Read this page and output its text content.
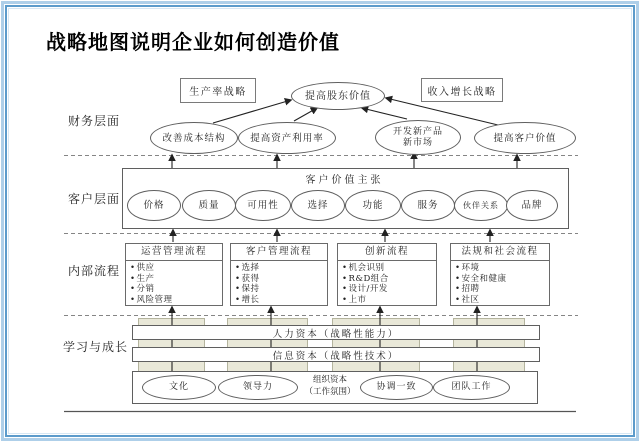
战略地图说明企业如何创造价值
财务层面
客户层面
内部流程
学习与成长
生产率战略	收入增长战略
提高股东价值
改善成本结构	提高资产利用率
开发新产品
新市场	提高客户价值
客户价值主张
价格	质量	可用性	选择	功能	服务	伙伴关系	品牌
运营管理流程
• 供应
• 生产
• 分销
• 风险管理
客户管理流程
• 选择
• 获得
• 保持
• 增长
创新流程
• 机会识别
• R&D组合
• 设计/开发
• 上市
法规和社会流程
• 环境
• 安全和健康
• 招聘
• 社区
人力资本（战略性能力）
信息资本（战略性技术）
文化	领导力
组织资本
（工作氛围）	协调一致	团队工作
